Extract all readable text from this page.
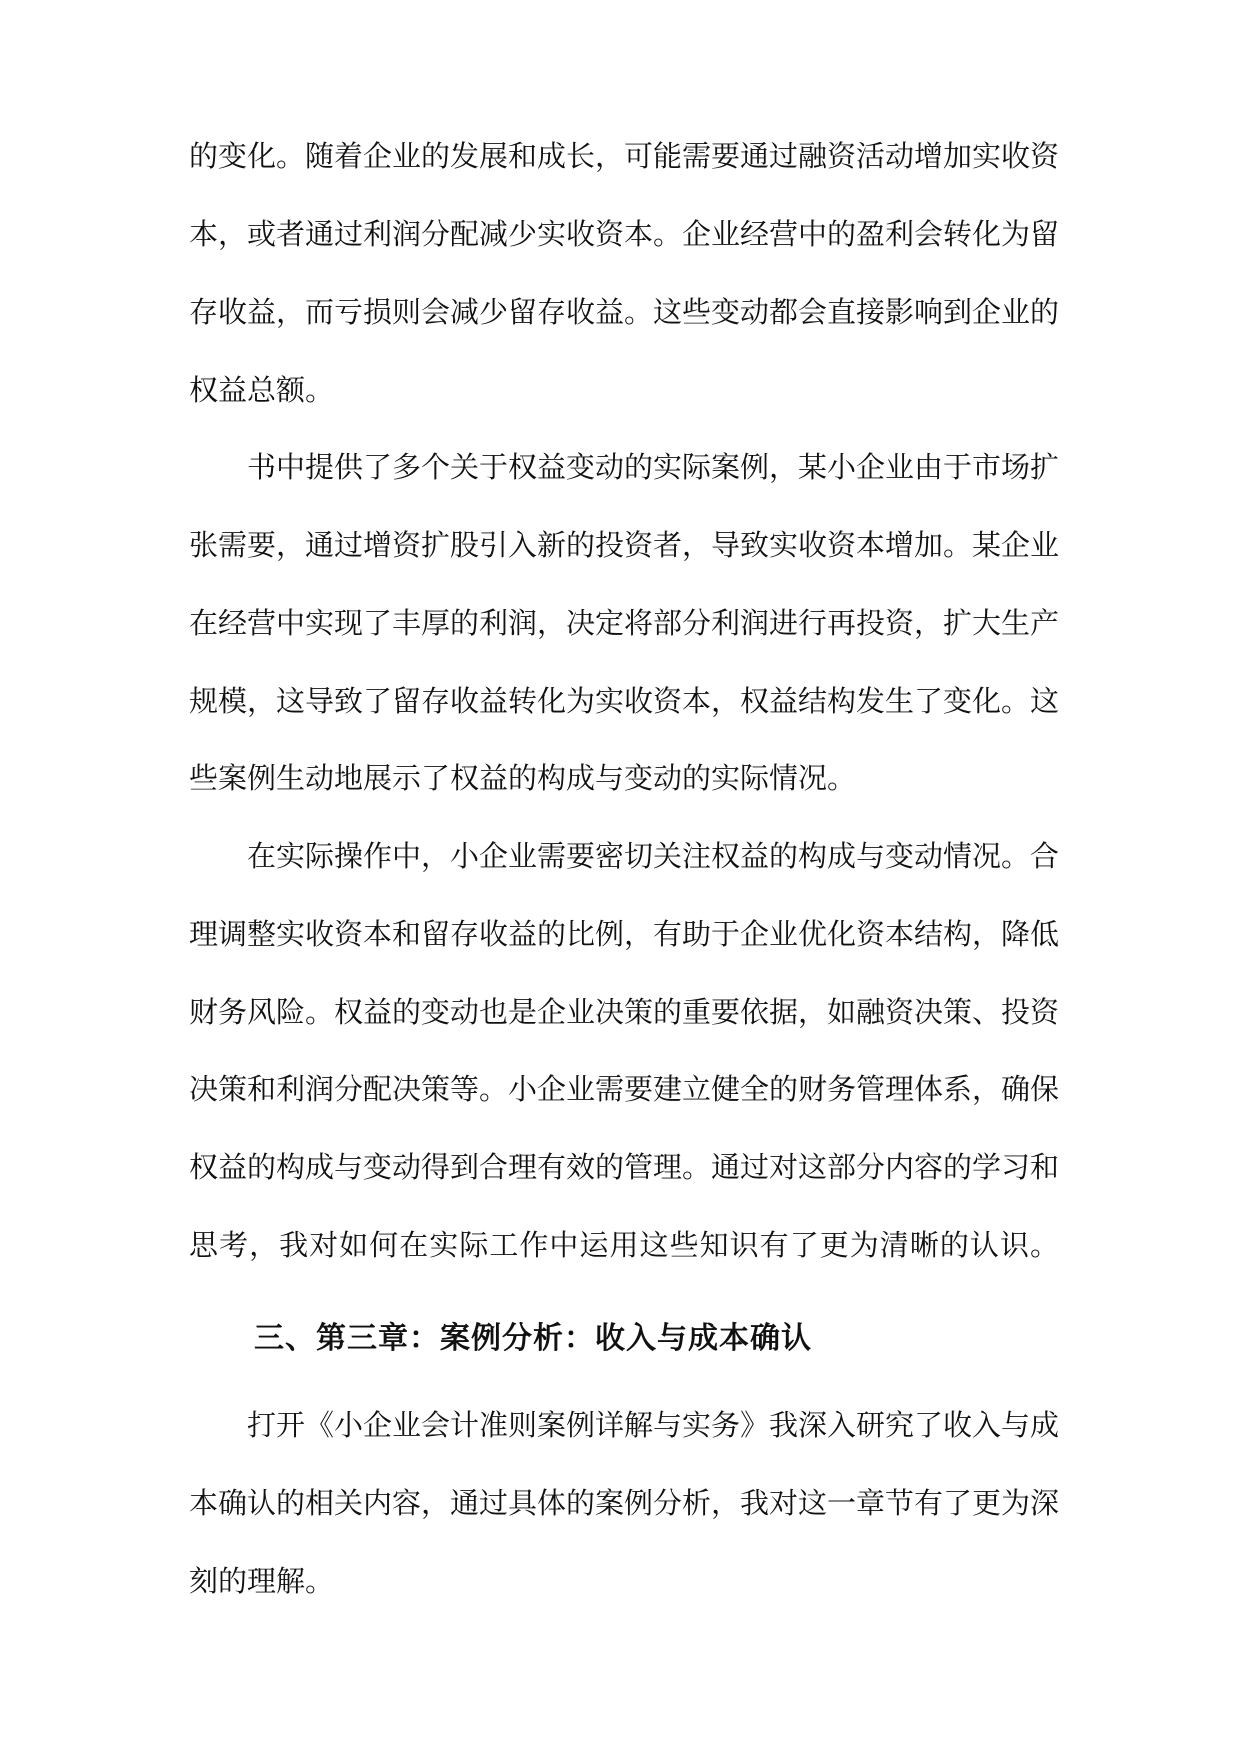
的变化。随着企业的发展和成长，可能需要通过融资活动增加实收资
本，或者通过利润分配减少实收资本。企业经营中的盈利会转化为留
存收益，而亏损则会减少留存收益。这些变动都会直接影响到企业的
权益总额。
书中提供了多个关于权益变动的实际案例，某小企业由于市场扩
张需要，通过增资扩股引入新的投资者，导致实收资本增加。某企业
在经营中实现了丰厚的利润，决定将部分利润进行再投资，扩大生产
规模，这导致了留存收益转化为实收资本，权益结构发生了变化。这
些案例生动地展示了权益的构成与变动的实际情况。
在实际操作中，小企业需要密切关注权益的构成与变动情况。合
理调整实收资本和留存收益的比例，有助于企业优化资本结构，降低
财务风险。权益的变动也是企业决策的重要依据，如融资决策、投资
决策和利润分配决策等。小企业需要建立健全的财务管理体系，确保
权益的构成与变动得到合理有效的管理。通过对这部分内容的学习和
思考，我对如何在实际工作中运用这些知识有了更为清晰的认识。
三、第三章：案例分析：收入与成本确认
打开《小企业会计准则案例详解与实务》我深入研究了收入与成
本确认的相关内容，通过具体的案例分析，我对这一章节有了更为深
刻的理解。
